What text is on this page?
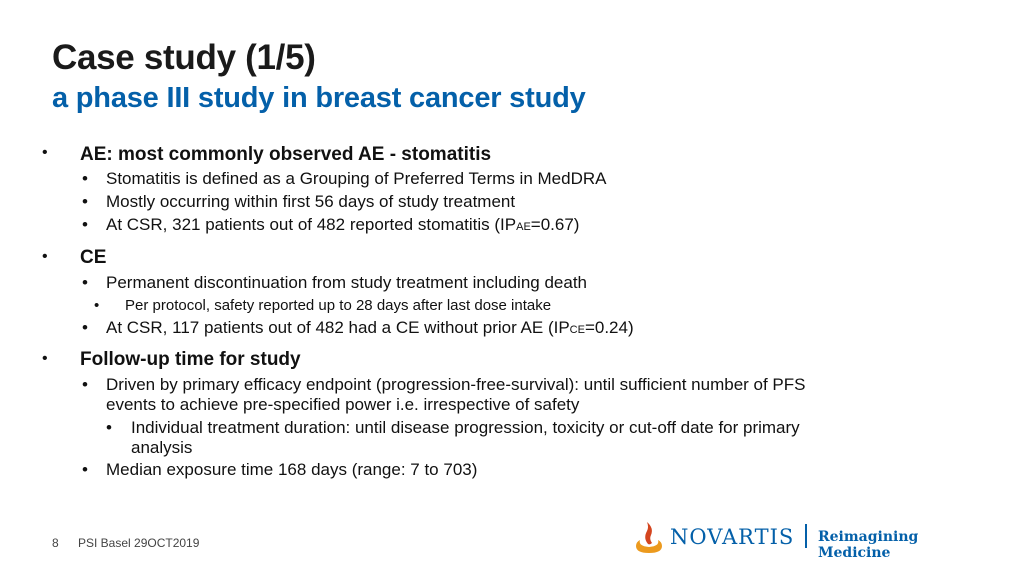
Case study (1/5)
a phase III study in breast cancer study
• AE: most commonly observed AE - stomatitis
• Stomatitis is defined as a Grouping of Preferred Terms in MedDRA
• Mostly occurring within first 56 days of study treatment
• At CSR, 321 patients out of 482 reported stomatitis (IPAE=0.67)
• CE
• Permanent discontinuation from study treatment including death
• Per protocol, safety reported up to 28 days after last dose intake
• At CSR, 117 patients out of 482 had a CE without prior AE (IPCE=0.24)
• Follow-up time for study
• Driven by primary efficacy endpoint (progression-free-survival): until sufficient number of PFS
events to achieve pre-specified power i.e. irrespective of safety
• Individual treatment duration: until disease progression, toxicity or cut-off date for primary
analysis
• Median exposure time 168 days (range: 7 to 703)
8 PSI Basel 29OCT2019	NOVARTIS Reimagining Medicine
